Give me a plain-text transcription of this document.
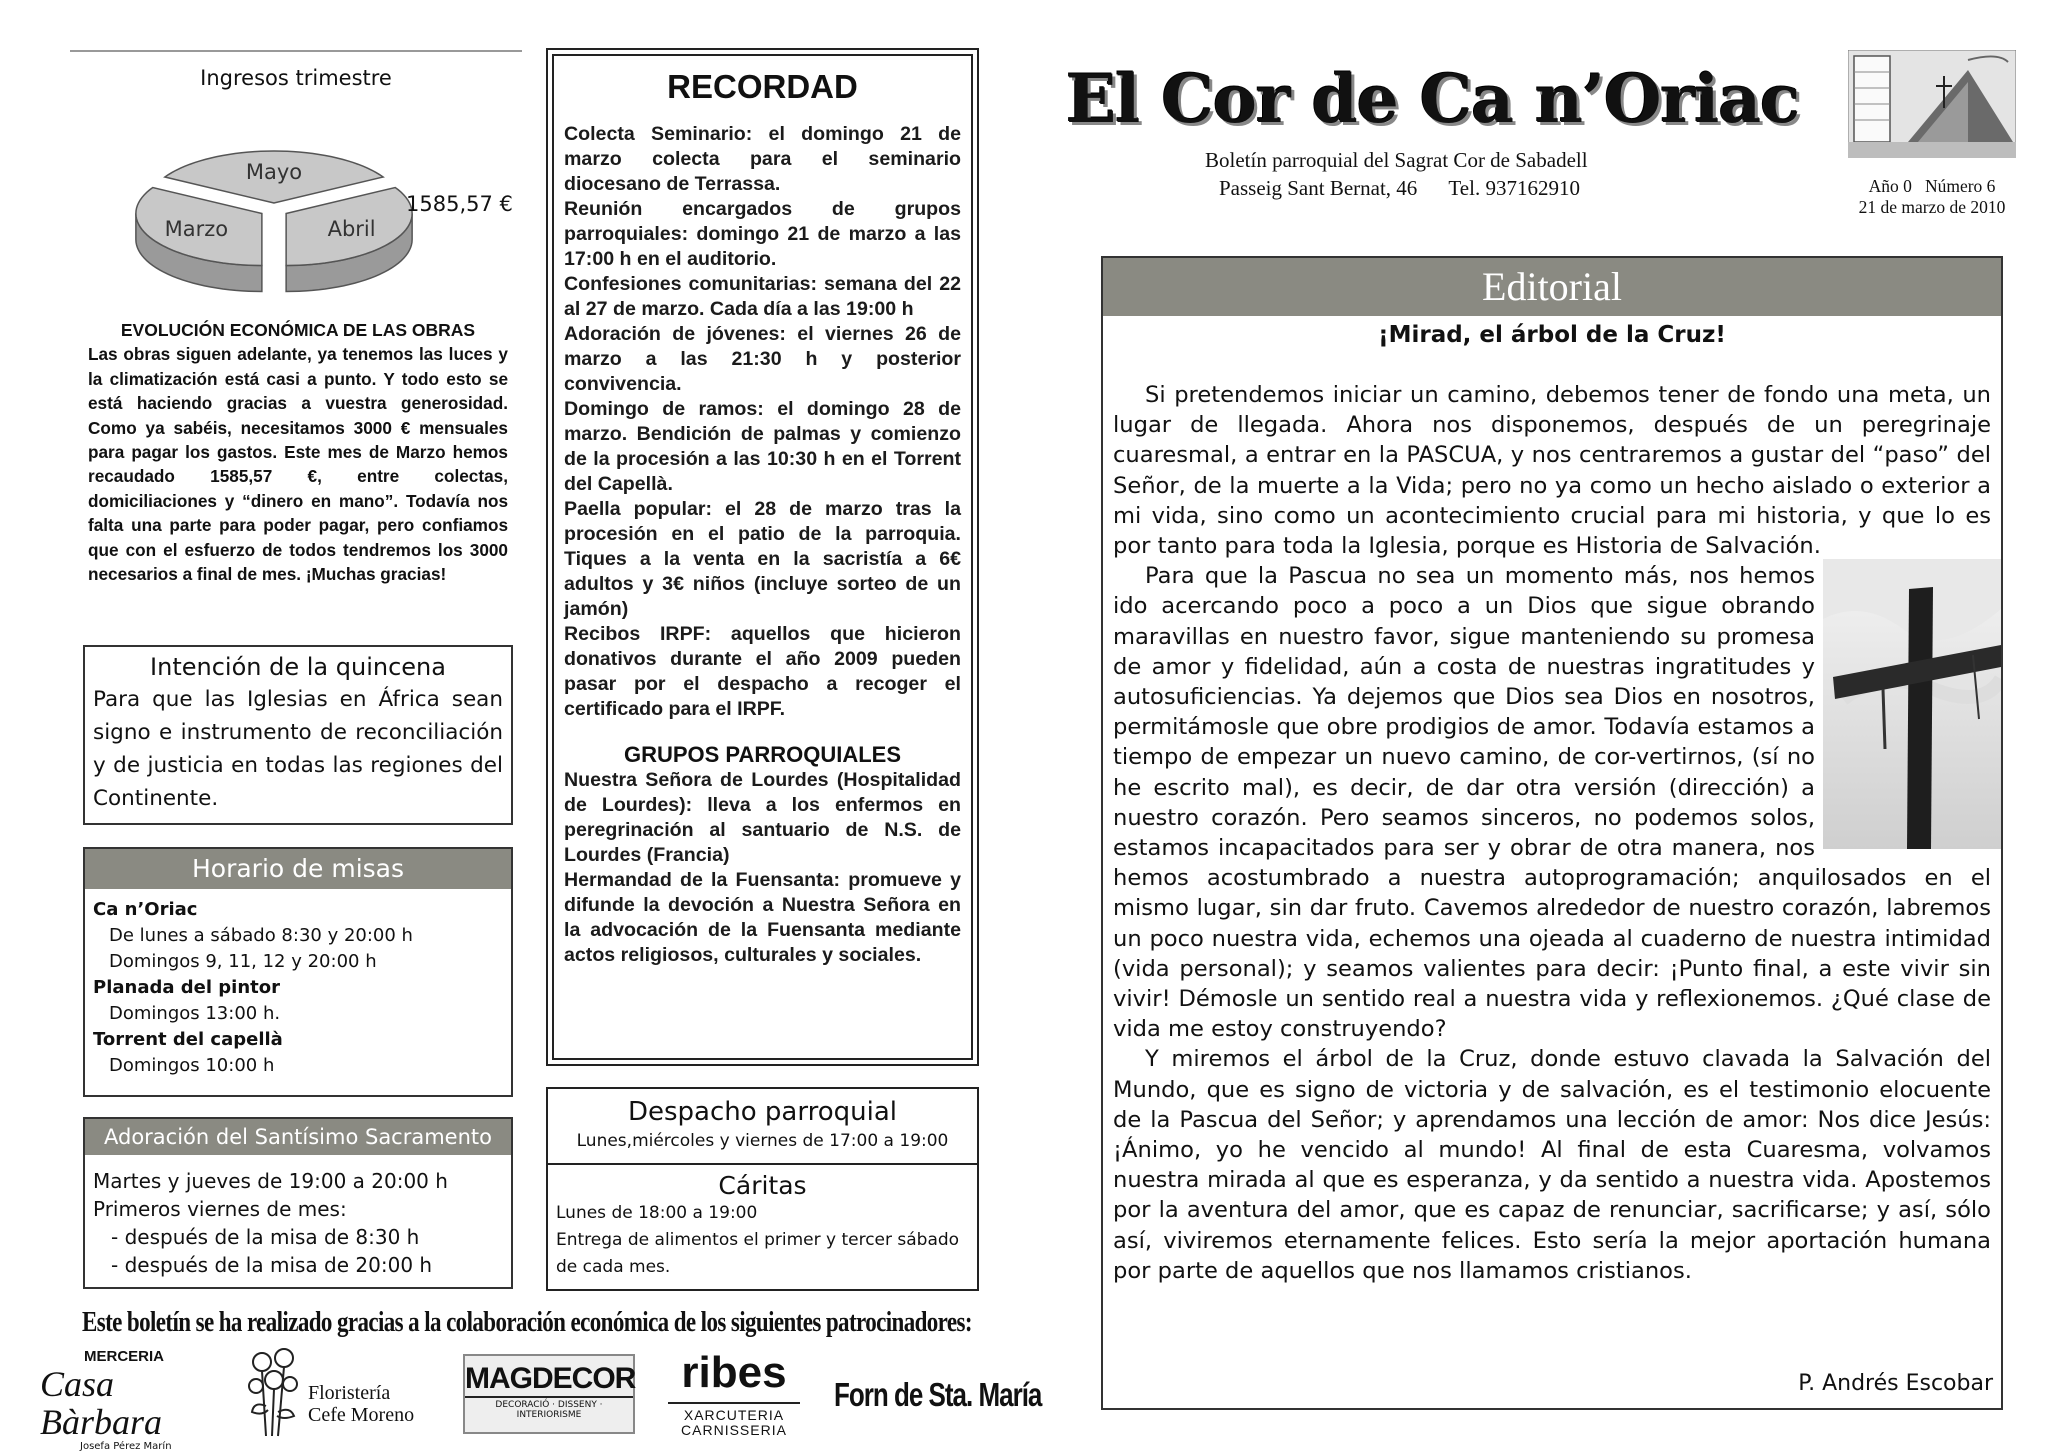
Ingresos trimestre
Mayo
Abril
Marzo
1585,57 €
EVOLUCIÓN ECONÓMICA DE LAS OBRAS
Las obras siguen adelante, ya tenemos las luces y la climatización está casi a punto. Y todo esto se está haciendo gracias a vuestra generosidad. Como ya sabéis, necesitamos 3000 € mensuales para pagar los gastos. Este mes de Marzo hemos recaudado 1585,57 €, entre colectas, domiciliaciones y “dinero en mano”. Todavía nos falta una parte para poder pagar, pero confiamos que con el esfuerzo de todos tendremos los 3000 necesarios a final de mes. ¡Muchas gracias!
Intención de la quincena
Para que las Iglesias en África sean signo e instrumento de reconciliación y de justicia en todas las regiones del Continente.
Horario de misas
Ca n’Oriac
De lunes a sábado 8:30 y 20:00 h
Domingos 9, 11, 12 y 20:00 h
Planada del pintor
Domingos 13:00 h.
Torrent del capellà
Domingos 10:00 h
Adoración del Santísimo Sacramento
Martes y jueves de 19:00 a 20:00 h
Primeros viernes de mes:
- después de la misa de 8:30 h
- después de la misa de 20:00 h
RECORDAD
Colecta Seminario: el domingo 21 de marzo colecta para el seminario diocesano de Terrassa.
Reunión encargados de grupos parroquiales: domingo 21 de marzo a las 17:00 h en el auditorio.
Confesiones comunitarias: semana del 22 al 27 de marzo. Cada día a las 19:00 h
Adoración de jóvenes: el viernes 26 de marzo a las 21:30 h y posterior convivencia.
Domingo de ramos: el domingo 28 de marzo. Bendición de palmas y comienzo de la procesión a las 10:30 h en el Torrent del Capellà.
Paella popular: el 28 de marzo tras la procesión en el patio de la parroquia. Tiques a la venta en la sacristía a 6€ adultos y 3€ niños (incluye sorteo de un jamón)
Recibos IRPF: aquellos que hicieron donativos durante el año 2009 pueden pasar por el despacho a recoger el certificado para el IRPF.
GRUPOS PARROQUIALES
Nuestra Señora de Lourdes (Hospitalidad de Lourdes): lleva a los enfermos en peregrinación al santuario de N.S. de Lourdes (Francia)
Hermandad de la Fuensanta: promueve y difunde la devoción a Nuestra Señora en la advocación de la Fuensanta mediante actos religiosos, culturales y sociales.
Despacho parroquial
Lunes,miércoles y viernes de 17:00 a 19:00
Cáritas
Lunes de 18:00 a 19:00
Entrega de alimentos el primer y tercer sábado de cada mes.
Este boletín se ha realizado gracias a la colaboración económica de los siguientes patrocinadores:
MERCERIA
Casa Bàrbara
Josefa Pérez Marín
Floristería
Cefe Moreno
MAGDECOR
DECORACIÓ · DISSENY · INTERIORISME
ribes
XARCUTERIA
CARNISSERIA
Forn de Sta. María
El Cor de Ca n’Oriac
Boletín parroquial del Sagrat Cor de Sabadell
Passeig Sant Bernat, 46      Tel. 937162910	Año 0   Número 6
21 de marzo de 2010
Editorial
¡Mirad, el árbol de la Cruz!

Si pretendemos iniciar un camino, debemos tener de fondo una meta, un lugar de llegada. Ahora nos disponemos, después de un peregrinaje cuaresmal, a entrar en la PASCUA, y nos centraremos a gustar del “paso” del Señor, de la muerte a la Vida; pero no ya como un hecho aislado o exterior a mi vida, sino como un acontecimiento crucial para mi historia, y que lo es por tanto para toda la Iglesia, porque es Historia de Salvación.

Para que la Pascua no sea un momento más, nos hemos ido acercando poco a poco a un Dios que sigue obrando maravillas en nuestro favor, sigue manteniendo su promesa de amor y fidelidad, aún a costa de nuestras ingratitudes y autosuficiencias. Ya dejemos que Dios sea Dios en nosotros, permitámosle que obre prodigios de amor. Todavía estamos a tiempo de empezar un nuevo camino, de cor-vertirnos, (sí no he escrito mal), es decir, de dar otra versión (dirección) a nuestro corazón. Pero seamos sinceros, no podemos solos, estamos incapacitados para ser y obrar de otra manera, nos hemos acostumbrado a nuestra autoprogramación; anquilosados en el mismo lugar, sin dar fruto. Cavemos alrededor de nuestro corazón, labremos un poco nuestra vida, echemos una ojeada al cuaderno de nuestra intimidad (vida personal); y seamos valientes para decir: ¡Punto final, a este vivir sin vivir! Démosle un sentido real a nuestra vida y reflexionemos. ¿Qué clase de vida me estoy construyendo?

Y miremos el árbol de la Cruz, donde estuvo clavada la Salvación del Mundo, que es signo de victoria y de salvación, es el testimonio elocuente de la Pascua del Señor; y aprendamos una lección de amor: Nos dice Jesús: ¡Ánimo, yo he vencido al mundo! Al final de esta Cuaresma, volvamos nuestra mirada al que es esperanza, y da sentido a nuestra vida. Apostemos por la aventura del amor, que es capaz de renunciar, sacrificarse; y así, sólo así, viviremos eternamente felices. Esto sería la mejor aportación humana por parte de aquellos que nos llamamos cristianos.

P. Andrés Escobar
